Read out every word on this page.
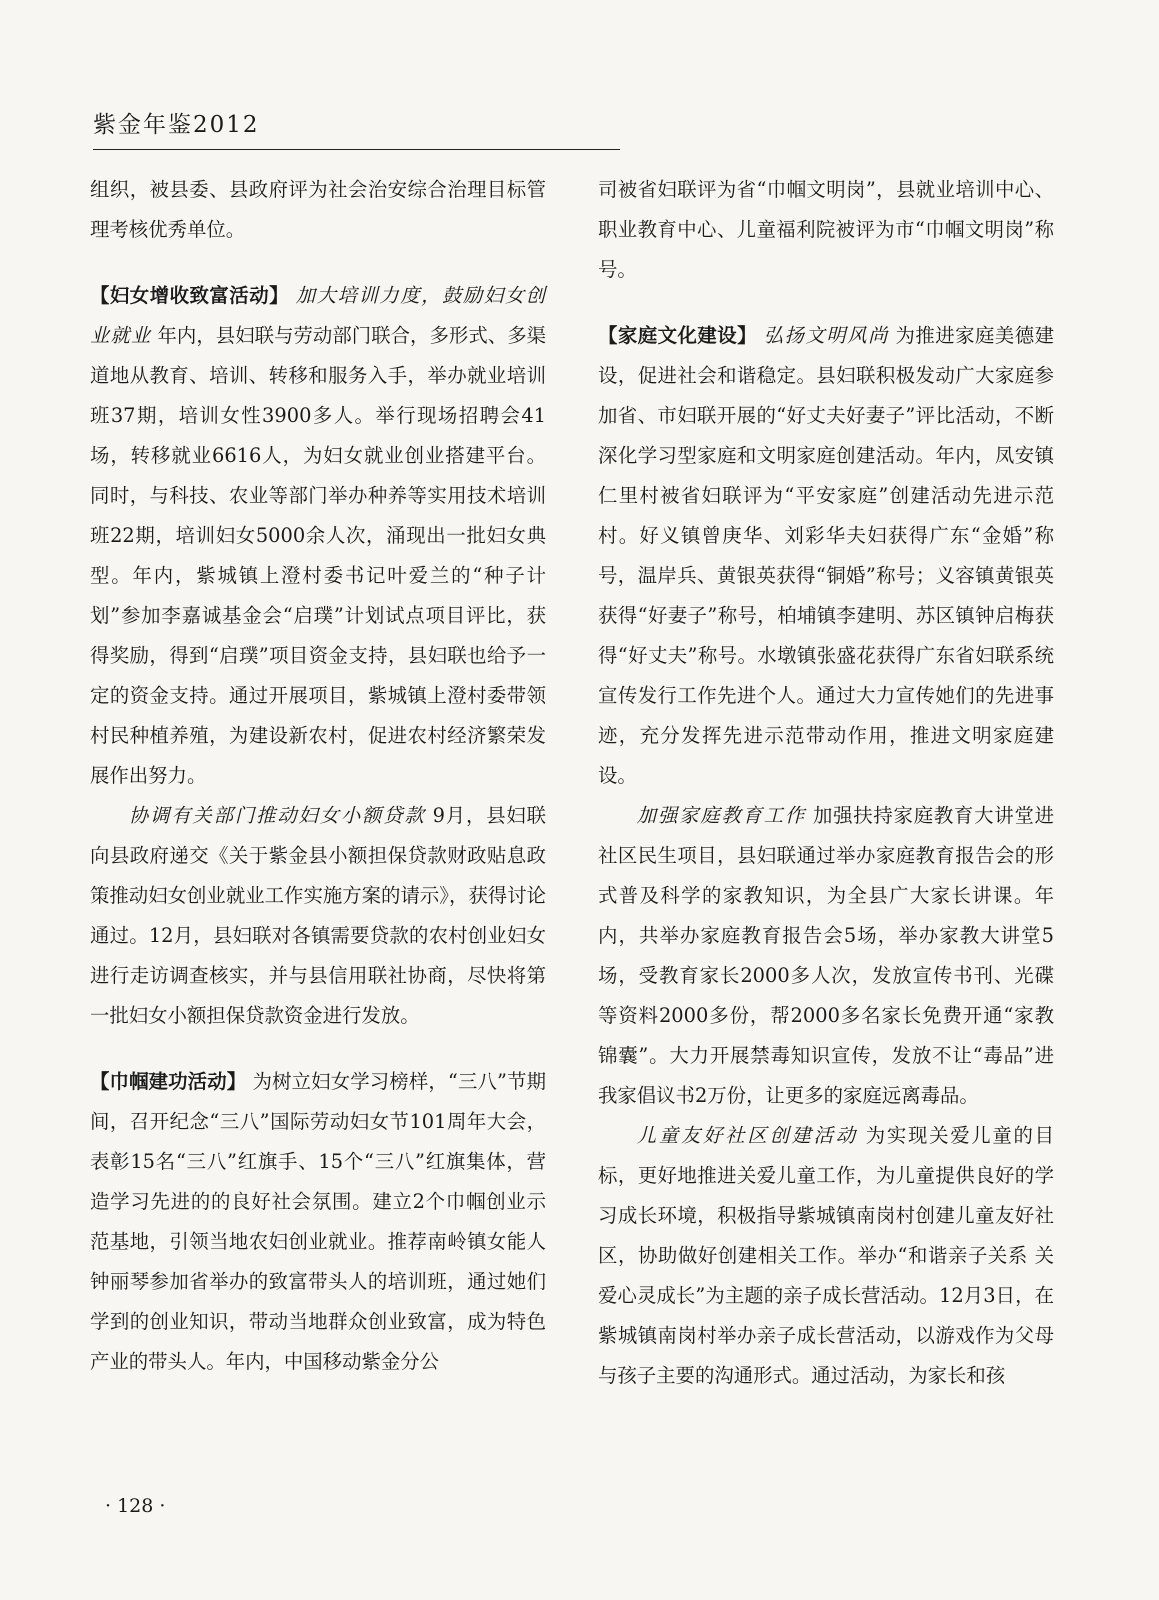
紫金年鉴2012

组织，被县委、县政府评为社会治安综合治理目标管理考核优秀单位。

【妇女增收致富活动】 加大培训力度，鼓励妇女创业就业 年内，县妇联与劳动部门联合，多形式、多渠道地从教育、培训、转移和服务入手，举办就业培训班37期，培训女性3900多人。举行现场招聘会41场，转移就业6616人，为妇女就业创业搭建平台。同时，与科技、农业等部门举办种养等实用技术培训班22期，培训妇女5000余人次，涌现出一批妇女典型。年内，紫城镇上澄村委书记叶爱兰的“种子计划”参加李嘉诚基金会“启璞”计划试点项目评比，获得奖励，得到“启璞”项目资金支持，县妇联也给予一定的资金支持。通过开展项目，紫城镇上澄村委带领村民种植养殖，为建设新农村，促进农村经济繁荣发展作出努力。

协调有关部门推动妇女小额贷款 9月，县妇联向县政府递交《关于紫金县小额担保贷款财政贴息政策推动妇女创业就业工作实施方案的请示》，获得讨论通过。12月，县妇联对各镇需要贷款的农村创业妇女进行走访调查核实，并与县信用联社协商，尽快将第一批妇女小额担保贷款资金进行发放。

【巾帼建功活动】 为树立妇女学习榜样，“三八”节期间，召开纪念“三八”国际劳动妇女节101周年大会，表彰15名“三八”红旗手、15个“三八”红旗集体，营造学习先进的的良好社会氛围。建立2个巾帼创业示范基地，引领当地农妇创业就业。推荐南岭镇女能人钟丽琴参加省举办的致富带头人的培训班，通过她们学到的创业知识，带动当地群众创业致富，成为特色产业的带头人。年内，中国移动紫金分公

司被省妇联评为省“巾帼文明岗”，县就业培训中心、职业教育中心、儿童福利院被评为市“巾帼文明岗”称号。

【家庭文化建设】 弘扬文明风尚 为推进家庭美德建设，促进社会和谐稳定。县妇联积极发动广大家庭参加省、市妇联开展的“好丈夫好妻子”评比活动，不断深化学习型家庭和文明家庭创建活动。年内，凤安镇仁里村被省妇联评为“平安家庭”创建活动先进示范村。好义镇曾庚华、刘彩华夫妇获得广东“金婚”称号，温岸兵、黄银英获得“铜婚”称号；义容镇黄银英获得“好妻子”称号，柏埔镇李建明、苏区镇钟启梅获得“好丈夫”称号。水墩镇张盛花获得广东省妇联系统宣传发行工作先进个人。通过大力宣传她们的先进事迹，充分发挥先进示范带动作用，推进文明家庭建设。

加强家庭教育工作 加强扶持家庭教育大讲堂进社区民生项目，县妇联通过举办家庭教育报告会的形式普及科学的家教知识，为全县广大家长讲课。年内，共举办家庭教育报告会5场，举办家教大讲堂5场，受教育家长2000多人次，发放宣传书刊、光碟等资料2000多份，帮2000多名家长免费开通“家教锦囊”。大力开展禁毒知识宣传，发放不让“毒品”进我家倡议书2万份，让更多的家庭远离毒品。

儿童友好社区创建活动 为实现关爱儿童的目标，更好地推进关爱儿童工作，为儿童提供良好的学习成长环境，积极指导紫城镇南岗村创建儿童友好社区，协助做好创建相关工作。举办“和谐亲子关系 关爱心灵成长”为主题的亲子成长营活动。12月3日，在紫城镇南岗村举办亲子成长营活动，以游戏作为父母与孩子主要的沟通形式。通过活动，为家长和孩

· 128 ·
